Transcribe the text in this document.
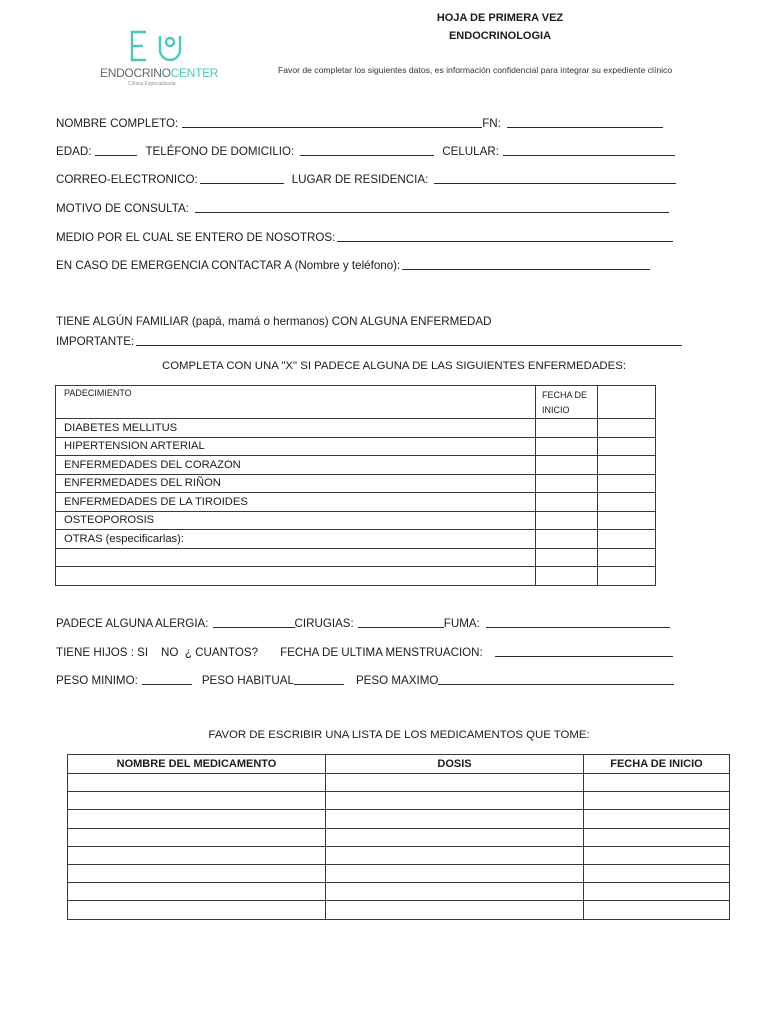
ENDOCRINOCENTER
Clínica Especializada
HOJA DE PRIMERA VEZ
ENDOCRINOLOGIA
Favor de completar los siguientes datos, es información confidencial para integrar su expediente clínico
NOMBRE COMPLETO:	FN:
EDAD:	TELÉFONO DE DOMICILIO:	CELULAR:
CORREO-ELECTRONICO:	LUGAR DE RESIDENCIA:
MOTIVO DE CONSULTA:
MEDIO POR EL CUAL SE ENTERO DE NOSOTROS:
EN CASO DE EMERGENCIA CONTACTAR A (Nombre y teléfono):
TIENE ALGÚN FAMILIAR (papá, mamá o hermanos) CON ALGUNA ENFERMEDAD
IMPORTANTE:
COMPLETA CON UNA "X" SI PADECE ALGUNA DE LAS SIGUIENTES ENFERMEDADES:
PADECIMIENTO	FECHA DE
INICIO	
DIABETES MELLITUS		
HIPERTENSION ARTERIAL		
ENFERMEDADES DEL CORAZON		
ENFERMEDADES DEL RIÑON		
ENFERMEDADES DE LA TIROIDES		
OSTEOPOROSIS		
OTRAS (especificarlas):		

PADECE ALGUNA ALERGIA:	CIRUGIAS:	FUMA:
TIENE HIJOS : SI    NO  ¿ CUANTOS? FECHA DE ULTIMA MENSTRUACION:
PESO MINIMO:	PESO HABITUAL	PESO MAXIMO
FAVOR DE ESCRIBIR UNA LISTA DE LOS MEDICAMENTOS QUE TOME:
NOMBRE DEL MEDICAMENTO	DOSIS	FECHA DE INICIO
